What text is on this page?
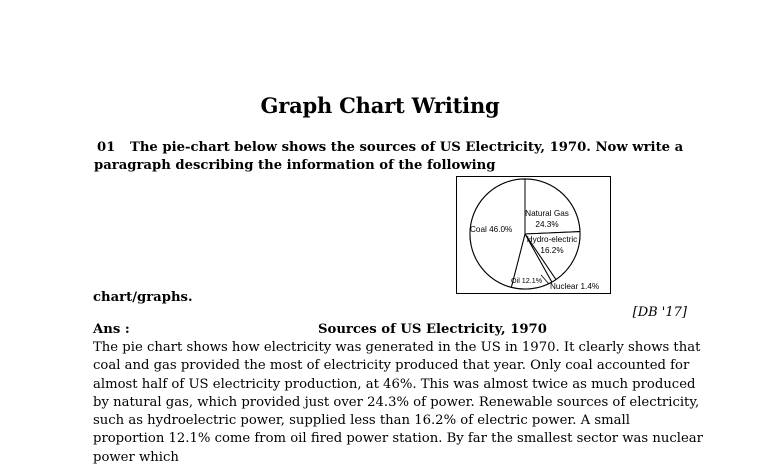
Graph Chart Writing
01 The pie-chart below shows the sources of US Electricity, 1970. Now write a
paragraph describing the information of the following
Coal 46.0%
Natural Gas
24.3%
Hydro-electric
16.2%
Oil 12.1%
Nuclear 1.4%
chart/graphs.
[DB '17]
Ans :	Sources of US Electricity, 1970
The pie chart shows how electricity was generated in the US in 1970. It clearly shows that coal and gas provided the most of electricity produced that year. Only coal accounted for almost half of US electricity production, at 46%. This was almost twice as much produced by natural gas, which provided just over 24.3% of power. Renewable sources of electricity, such as hydroelectric power, supplied less than 16.2% of electric power. A small proportion 12.1% come from oil fired power station. By far the smallest sector was nuclear power which
